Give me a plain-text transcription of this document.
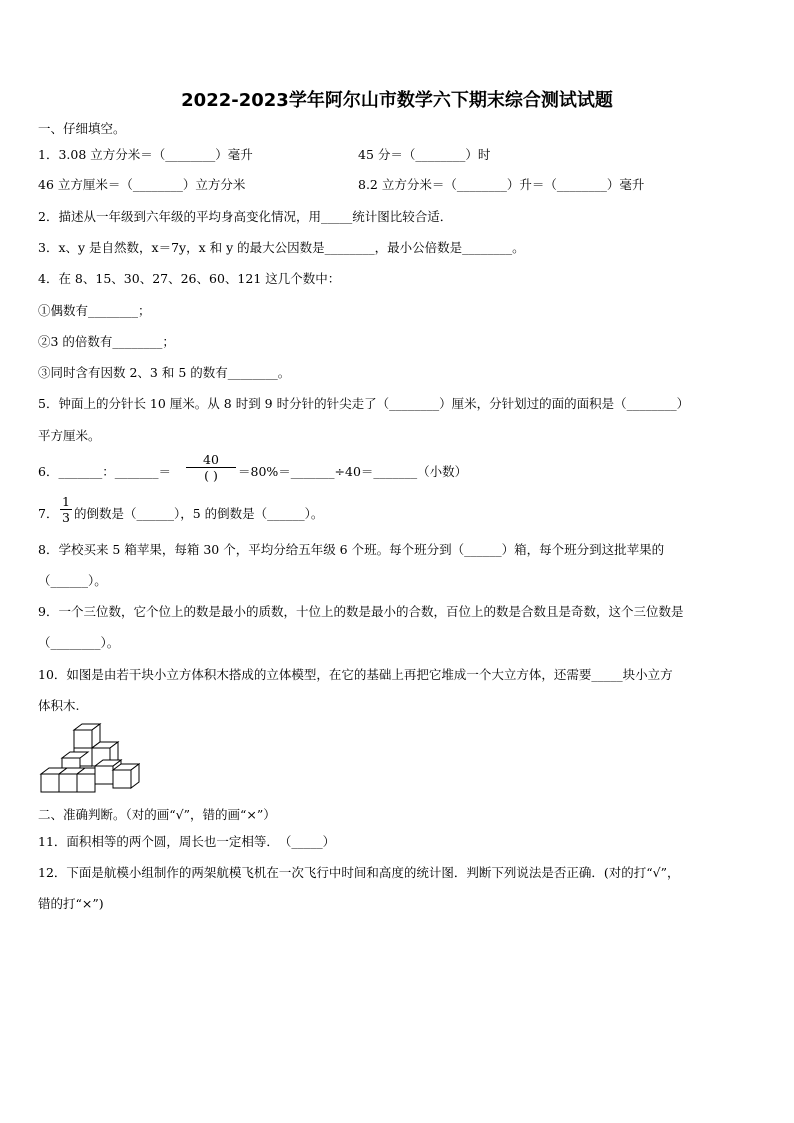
2022-2023学年阿尔山市数学六下期末综合测试试题
一、仔细填空。
1．3.08 立方分米＝（________）毫升	45 分＝（________）时
46 立方厘米＝（________）立方分米	8.2 立方分米＝（________）升＝（________）毫升
2．描述从一年级到六年级的平均身高变化情况，用_____统计图比较合适．
3．x、y 是自然数，x＝7y，x 和 y 的最大公因数是________，最小公倍数是________。
4．在 8、15、30、27、26、60、121 这几个数中：
①偶数有________；
②3 的倍数有________；
③同时含有因数 2、3 和 5 的数有________。
5．钟面上的分针长 10 厘米。从 8 时到 9 时分针的针尖走了（________）厘米，分针划过的面的面积是（________）
平方厘米。
6．_______：_______＝
40
( )	＝80%＝_______÷40＝_______（小数）
7．
1
3 的倒数是（______），5 的倒数是（______）。
8．学校买来 5 箱苹果，每箱 30 个，平均分给五年级 6 个班。每个班分到（______）箱，每个班分到这批苹果的
（______）。
9．一个三位数，它个位上的数是最小的质数，十位上的数是最小的合数，百位上的数是合数且是奇数，这个三位数是
（________）。
10．如图是由若干块小立方体积木搭成的立体模型，在它的基础上再把它堆成一个大立方体，还需要_____块小立方
体积木.
二、准确判断。（对的画“√”，错的画“×”）
11．面积相等的两个圆，周长也一定相等．　（_____）
12．下面是航模小组制作的两架航模飞机在一次飞行中时间和高度的统计图．判断下列说法是否正确．(对的打“√”，
错的打“×”)
